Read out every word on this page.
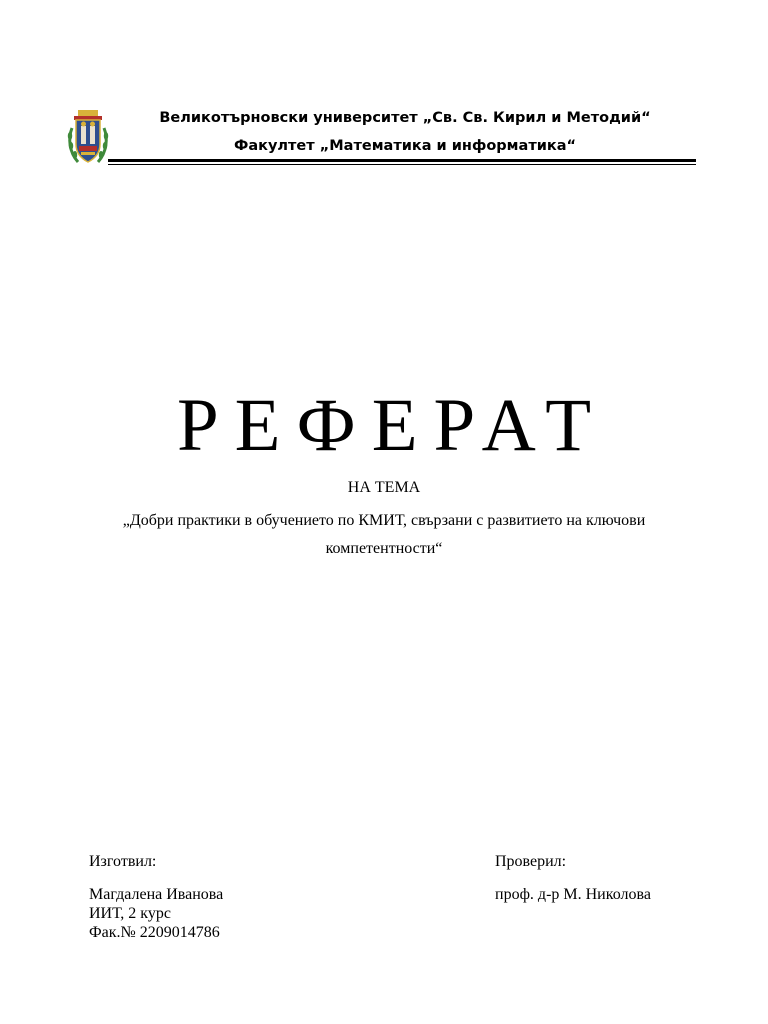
Великотърновски университет „Св. Св. Кирил и Методий“
Факултет „Математика и информатика“
РЕФЕРАТ
НА ТЕМА
„Добри практики в обучението по КМИТ, свързани с развитието на ключови
компетентности“
Изготвил:
Магдалена Иванова
ИИТ, 2 курс
Фак.№ 2209014786
Проверил:
проф. д-р М. Николова
